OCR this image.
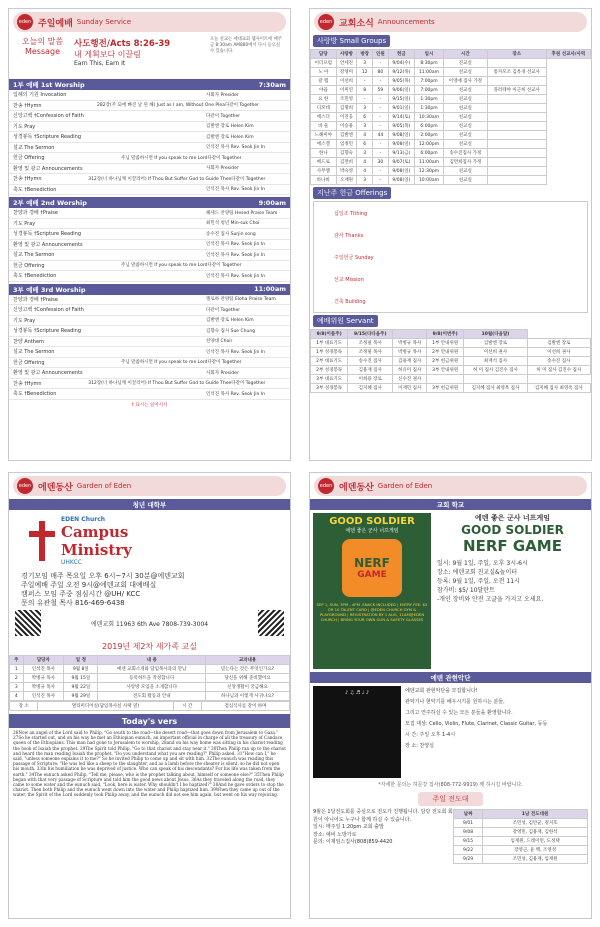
eden 주일예배 Sunday Service
오늘의 말씀
Message
사도행전/Acts 8:26-39
내 게획보다 이끌림
Earn This, Earn It
오늘 설교는 예대교회 웹사이트에 매주 금 8:30am AM880에서 다시 들으실 수 있습니다.
1부 예배 1st Worship	7:30am
입례의 기원 Invocation	사회자 Presider
찬송 †Hymn	282장(주 되에 빠진 날 된 해) Just as I am, Without One Plea 다같이 Together
신앙고백 †Confession of Faith	다같이 Together
기도 Pray	김발엔 장로 Helen Kim
성경봉독 †Scripture Reading	김발엔 장로 Helen Kim
설교 The Sermon	인석진 목사 Rev. Seok Jin In
헌금 Offering	주님 말씀하시면 If you speak to me Lord 다같이 Together
환영 및 광고 Announcements	사회자 Presider
찬송 †Hymn	312장(너 하나님께 이끌리어) If Thou But Suffer God to Guide Thee 다같이 Together
축도 †Benediction	인석진 목사 Rev. Seok Jin In
2부 예배 2nd Worship	9:00am
찬양과 경배 †Praise	헤세드 찬양팀 Hesed Praise Team
기도 Pray	최민석 청년 Min-suk Choi
성경봉독 †Scripture Reading	송수진 집사 Surjin song
환영 및 광고 Announcements	인석진 목사 Rev. Seok Jin In
설교 The Sermon	인석진 목사 Rev. Seok Jin In
헌금 Offering	주님 말씀하시면 If you speak to me Lord 다같이 Together
축도 †Benediction	인석진 목사 Rev. Seok Jin In
3부 예배 3rd Worship	11:00am
찬양과 경배 †Praise	엘로하 찬양팀 Eloha Praise Team
신앙고백 †Confession of Faith	다같이 Together
기도 Pray	김발엔 장로 Helen Kim
성경봉독 †Scripture Reading	김향숙 집사 Sue Chung
찬양 Anthem	찬양대 Choir
설교 The Sermon	인석진 목사 Rev. Seok Jin In
헌금 Offering	주님 말씀하시면 If you speak to me Lord 다같이 Together
환영 및 광고 Announcements	사회자 Presider
찬송 †Hymn	312장(너 하나님께 이끌리어) If Thou But Suffer God to Guide Thee 다같이 Together
축도 †Benediction	인석진 목사 Rev. Seok Jin In
† 표시는 일어서서
eden 교회소식 Announcements
사랑방 Small Groups
담당	사랑방	방장	인원	헌금	일시	시간	장소	후원 선교사/사역
이더포럼	안세진	3	-	9/04(수)	8:30pm	진교실		
노 아	강영미	12	80	9/12(목)	11:00am	친교실	통자모조 김옥경 선교사	
갈 렙	이선희	-	-	9/05(목)	7:00pm	이영애 집사 가정		
야곱	이미연	8	59	9/06(일)	7:00pm	친교실	플러테야 이근희 선교사	
요 한	조민영	-	-	9/15(일)	1:30pm	친교실		
디모데	김명희	3	-	9/01(일)	1:30pm	친교실		
에스더	이진웅	6	-	9/14(토)	10:30am	친교실		
바 울	이승용	3	-	9/05(목)	6:00pm	친교실		
느헤미야	김발엔	4	44	9/08(일)	2:00pm	친교실		
에스겔	임정민	6	-	9/08(일)	12:00pm	친교실		
한나	김향숙	3	-	9/13(금)	6:00pm	송수진집사 가정		
베드로	김면희	4	30	9/07(토)	11:00am	김면희집사 가정		
사무엘	박숙영	4	-	9/08(일)	12:30pm	친교실		
바나바	오재원	3	-	9/08(일)	10:00am	친교실		
지난주 헌금 Offerings
십일조 Tithing
감사 Thanks
주일헌금 Sunday
선교 Mission
건축 Building
예배위원 Servant
9/8(이름주)	9/15(다다음주)		9/8(이번주)	10월(다음달)	
1부 대표기도	조정필 목사	박병규 목사	1부 안내위원	김발엔 장로	김발엔 장로
1부 성경봉독	조정필 목사	박병규 목사	2부 안내위원	이선희 권사	이선희 권사
2부 대표기도	송수진 집사	김용재 집사	2부 헌금위원	최재석 집사	송수진 집사
2부 성경봉독	김용재 집사	허유미 집사	3부 안내위원	허 미 집사 김진수 집사	허 미 집사 김진수 집사
3부 대표기도	이희용 장로	신수진 권사			
3부 성경봉독	김지혜 집사	이재민 집사	3부 헌금위원	김지혜 집사 최영옥 집사	김지혜 집사 최영옥 집사
eden 에덴동산 Garden of Eden
청년 대학부
EDEN Church
Campus
Ministry
UHKCC
경기모임 매주 목요일 오후 6시~7시 30분@에덴교회
주일예배 주일 오전 9시@에덴교회 대예배실
캠퍼스 모임 주중 점심시간 @UH/ KCC
문의 유관철 목사 816-469-6438
에덴교회 11963 6th Ave 7808-739-3004
2019년 제2차 새가족 교실
주	담당자	일 정	내 용	교과내용
1	인석진 목사	9월 8일	예덴 교회소개와 담임목사과의 만남	믿는다는 것은 무엇인가요?
2	박병규 목사	9월 15일	등록하트을 작성합니다	당신을 위해 준비했어요
3	박병규 목사	9월 22일	사랑방 모임을 소개합니다	신앙생활이 궁금해요
4	인석진 목사	9월 29일	전도회 활동과 안내	하나님과 이렇게 사귀나요?
장 소	멀티미디어실(담임목사실 사택 옆)	시 간	점심식사를 같이 하며
Today's vers
26Now an angel of the Lord said to Philip, "Go south to the road—the desert road—that goes down from Jerusalem to Gaza." 27So he started out, and on his way he met an Ethiopian eunuch, an important official in charge of all the treasury of Candace, queen of the Ethiopians. This man had gone to Jerusalem to worship, 28and on his way home was sitting in his chariot reading the book of Isaiah the prophet. 29The Spirit told Philip, "Go to that chariot and stay near it." 30Then Philip ran up to the chariot and heard the man reading Isaiah the prophet. "Do you understand what you are reading?" Philip asked. 31"How can I," he said, "unless someone explains it to me?" So he invited Philip to come up and sit with him. 32The eunuch was reading this passage of Scripture: "He was led like a sheep to the slaughter, and as a lamb before the shearer is silent, so he did not open his mouth. 33In his humiliation he was deprived of justice. Who can speak of his descendants? For his life was taken from the earth." 34The eunuch asked Philip, "Tell me, please, who is the prophet talking about, himself or someone else?" 35Then Philip began with that very passage of Scripture and told him the good news about Jesus. 36As they traveled along the road, they came to some water and the eunuch said, "Look, here is water. Why shouldn't I be baptized?" 38And he gave orders to stop the chariot. Then both Philip and the eunuch went down into the water and Philip baptized him. 39When they came up out of the water, the Spirit of the Lord suddenly took Philip away, and the eunuch did not see him again, but went on his way rejoicing.
eden 에덴동산 Garden of Eden
교회 학교
GOOD SOLDIER
에덴 좋은 군사 너프게임
NERF
GAME
SEP 1, SUN, 3PM - 4PM ,SNACK INCLUDED | ENTRY FEE: $5 OR 10 TALENT CARD | @EDEN CHURCH GYM & PLAYGROUND | REGISTRATION BY 1 AUG, 11AM@EDEN CHURCH | BRING YOUR OWN GUN & SAFETY GLASSES
에덴 좋은 군사 너프게임
GOOD SOLDIER
NERF GAME
일시: 9월 1일, 주일, 오후 3시-6시
장소: 에덴교회 친교실&놀이터
등록: 9월 1일, 주일, 오전 11시
참가비: $5/ 10달란트
-개인 장비와 안전 고글을 가지고 오세요.
에덴 관현악단
♪ ♫ ♬ ♩ ♪	에덴교회 관현악단을 모집합니다!
관악기나 현악기를 배우시기를 원하시는 분들,
그리고 연주하실 수 있는 모든 분들을 환영합니다.
모집 대상: Cello, Violin, Flute, Clarinet, Classic Guitar, 등등
시 간: 주일 오후 1-4시
장 소: 찬양실
*자세한 문의는 허문강 집사(808-772-9919) 께 하시길 바랍니다.
주일 전도대
9월은 1달전도회를 중심으로 전도가 진행됩니다. 담당 전도회 회원이 아니어도 누구나 함께 하실 수 있습니다.
일시: 매주일 1:20pm 교회 출발
장소: 예비 노방가로
문의: 이제임스집사(808)859-4420
날짜	1남 전도대원
9/01	조민성, 김만균, 정지호
9/08	강영민, 김용재, 김한석
9/15	임재원, 드레이먼, 도성택
9/22	장영근, 윤 백, 조영성
9/29	조민성, 김용재, 임재원
